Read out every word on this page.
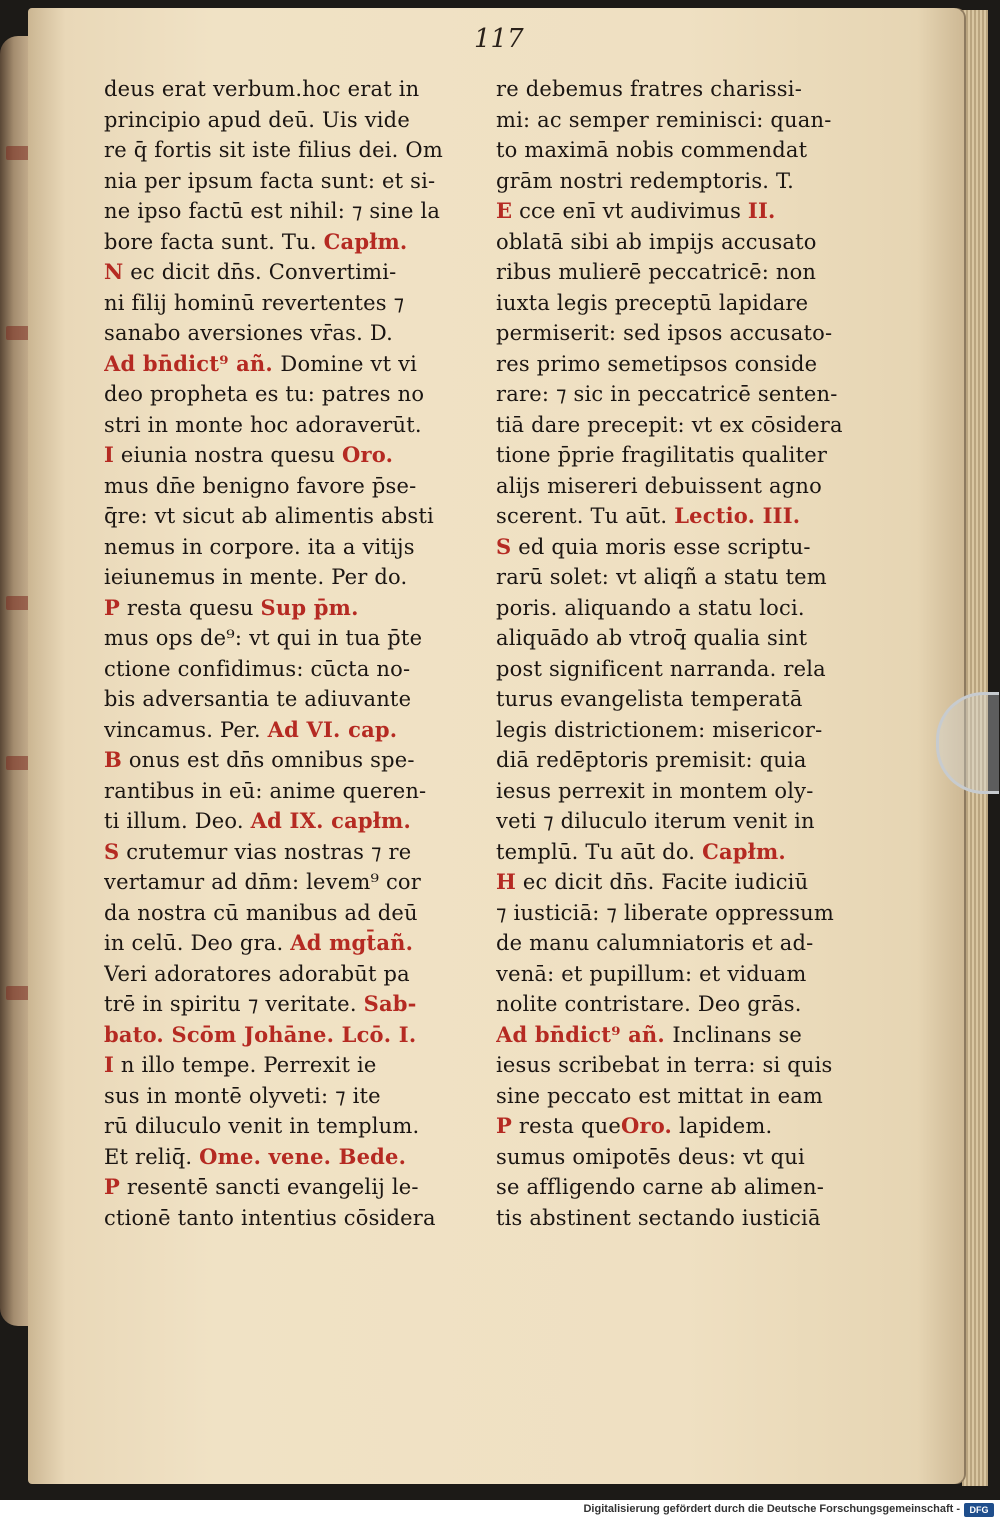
117
deus erat verbum.hoc erat in
principio apud deū. Uis vide
re q̄ fortis sit iste filius dei. Om
nia per ipsum facta sunt: et si-
ne ipso factū est nihil: ⁊ sine la
bore facta sunt. Tu. Capłm.
N ec dicit dn̄s. Convertimi-
ni filij hominū revertentes ⁊
sanabo aversiones vr̄as. D.
Ad bn̄dict⁹ añ. Domine vt vi
deo propheta es tu: patres no
stri in monte hoc adoraverūt.
I eiunia nostra quesu Oro.
mus dn̄e benigno favore p̄se-
q̄re: vt sicut ab alimentis absti
nemus in corpore. ita a vitijs
ieiunemus in mente. Per do.
P resta quesu Sup p̄m.
mus ops de⁹: vt qui in tua p̄te
ctione confidimus: cūcta no-
bis adversantia te adiuvante
vincamus. Per. Ad VI. cap.
B onus est dn̄s omnibus spe-
rantibus in eū: anime queren-
ti illum. Deo. Ad IX. capłm.
S crutemur vias nostras ⁊ re
vertamur ad dn̄m: levem⁹ cor
da nostra cū manibus ad deū
in celū. Deo gra. Ad mgt̄añ.
Veri adoratores adorabūt pa
trē in spiritu ⁊ veritate. Sab-
bato. Scōm Johāne. Lcō. I.
I n illo tempe. Perrexit ie
sus in montē olyveti: ⁊ ite
rū diluculo venit in templum.
Et reliq̄. Ome. vene. Bede.
P resentē sancti evangelij le-
ctionē tanto intentius cōsidera
re debemus fratres charissi-
mi: ac semper reminisci: quan-
to maximā nobis commendat
grām nostri redemptoris. T.
E cce enī vt audivimus II.
oblatā sibi ab impijs accusato
ribus mulierē peccatricē: non
iuxta legis preceptū lapidare
permiserit: sed ipsos accusato-
res primo semetipsos conside
rare: ⁊ sic in peccatricē senten-
tiā dare precepit: vt ex cōsidera
tione p̄prie fragilitatis qualiter
alijs misereri debuissent agno
scerent. Tu aūt. Lectio. III.
S ed quia moris esse scriptu-
rarū solet: vt aliqñ a statu tem
poris. aliquando a statu loci.
aliquādo ab vtroq̄ qualia sint
post significent narranda. rela
turus evangelista temperatā
legis districtionem: misericor-
diā redēptoris premisit: quia
iesus perrexit in montem oly-
veti ⁊ diluculo iterum venit in
templū. Tu aūt do. Capłm.
H ec dicit dn̄s. Facite iudiciū
⁊ iusticiā: ⁊ liberate oppressum
de manu calumniatoris et ad-
venā: et pupillum: et viduam
nolite contristare. Deo grās.
Ad bn̄dict⁹ añ. Inclinans se
iesus scribebat in terra: si quis
sine peccato est mittat in eam
P resta queOro. lapidem.
sumus omipotēs deus: vt qui
se affligendo carne ab alimen-
tis abstinent sectando iusticiā
Digitalisierung gefördert durch die Deutsche Forschungsgemeinschaft -	DFG
